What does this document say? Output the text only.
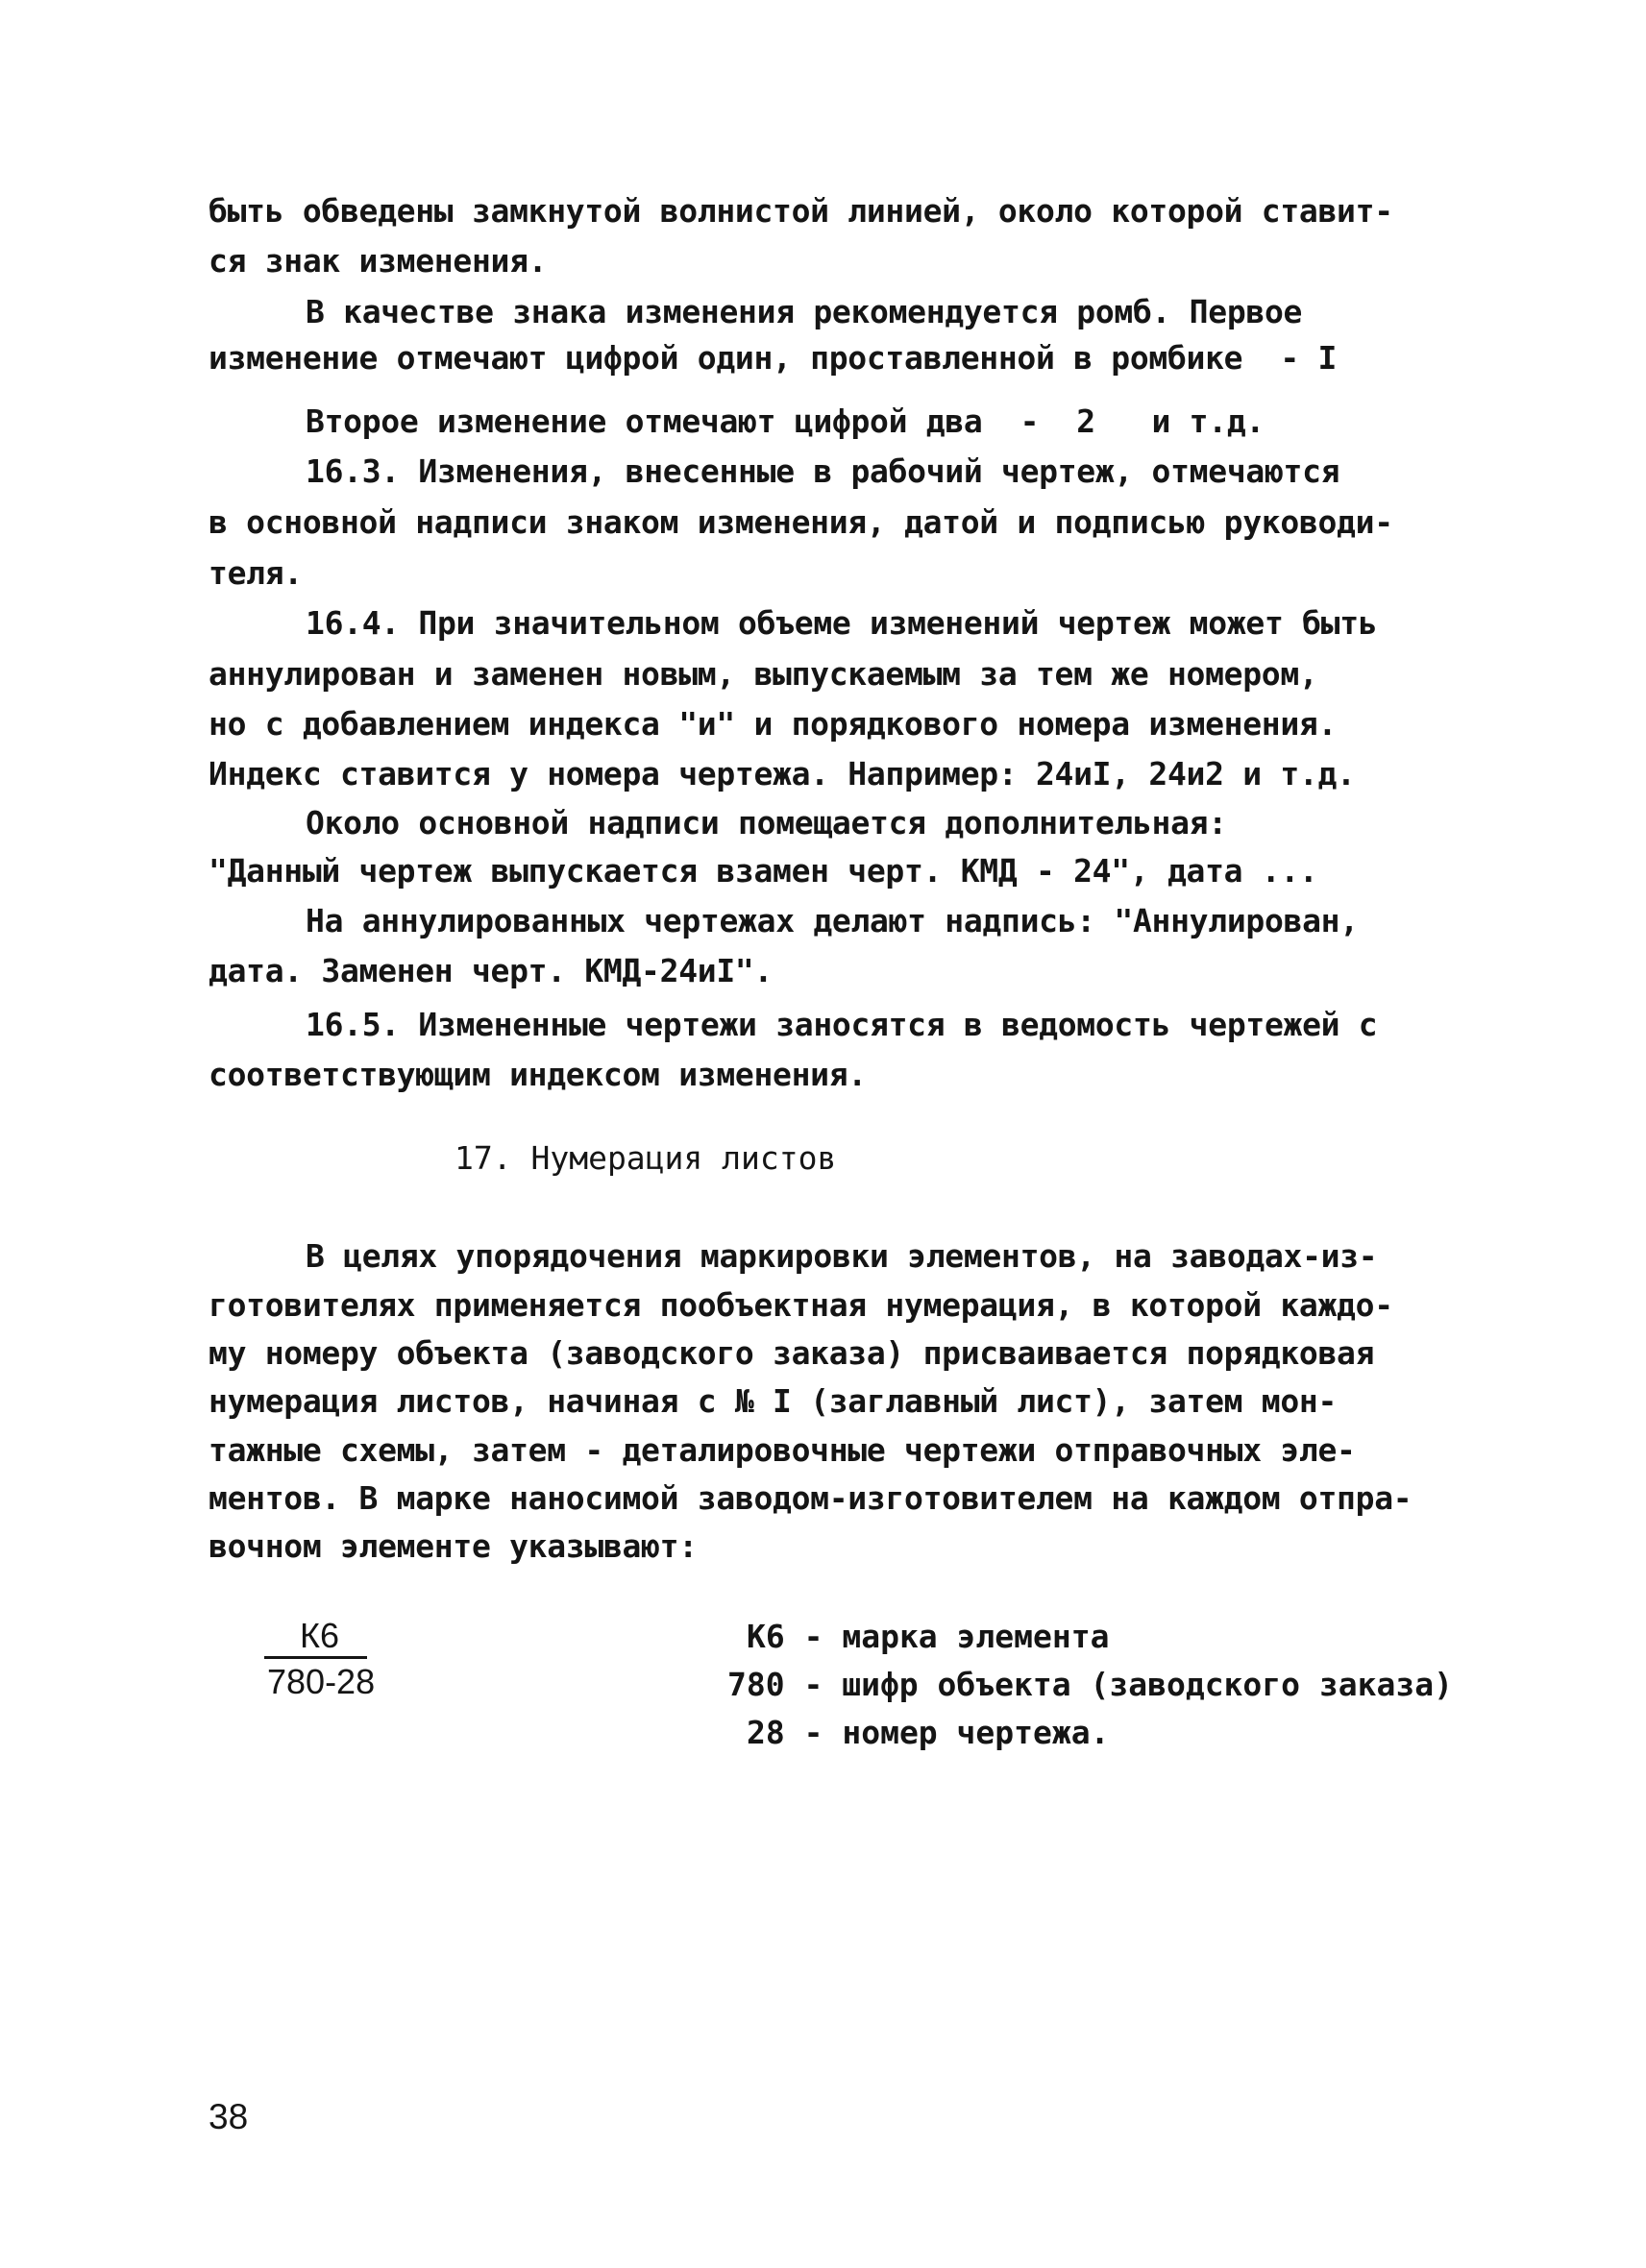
быть обведены замкнутой волнистой линией, около которой ставит-
ся знак изменения.
В качестве знака изменения рекомендуется ромб. Первое
изменение отмечают цифрой один, проставленной в ромбике  - I
Второе изменение отмечают цифрой два  -  2   и т.д.
16.3. Изменения, внесенные в рабочий чертеж, отмечаются
в основной надписи знаком изменения, датой и подписью руководи-
теля.
16.4. При значительном объеме изменений чертеж может быть
аннулирован и заменен новым, выпускаемым за тем же номером,
но с добавлением индекса "и" и порядкового номера изменения.
Индекс ставится у номера чертежа. Например: 24иI, 24и2 и т.д.
Около основной надписи помещается дополнительная:
"Данный чертеж выпускается взамен черт. КМД - 24", дата ...
На аннулированных чертежах делают надпись: "Аннулирован,
дата. Заменен черт. КМД-24иI".
16.5. Измененные чертежи заносятся в ведомость чертежей с
соответствующим индексом изменения.
17. Нумерация листов
В целях упорядочения маркировки элементов, на заводах-из-
готовителях применяется пообъектная нумерация, в которой каждо-
му номеру объекта (заводского заказа) присваивается порядковая
нумерация листов, начиная с № I (заглавный лист), затем мон-
тажные схемы, затем - деталировочные чертежи отправочных эле-
ментов. В марке наносимой заводом-изготовителем на каждом отпра-
вочном элементе указывают:
К6
780-28
К6 - марка элемента
780 - шифр объекта (заводского заказа)
28 - номер чертежа.
38
